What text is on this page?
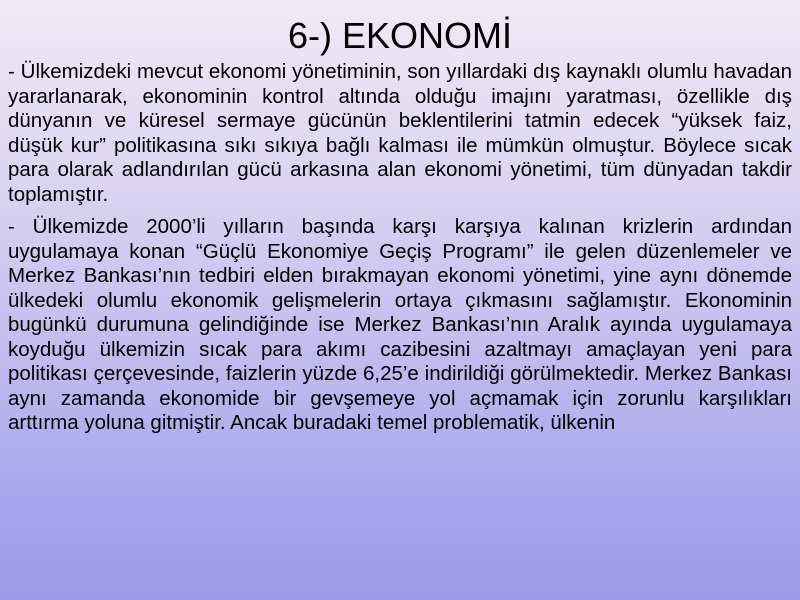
6-) EKONOMİ

- Ülkemizdeki mevcut ekonomi yönetiminin, son yıllardaki dış kaynaklı olumlu havadan yararlanarak, ekonominin kontrol altında olduğu imajını yaratması, özellikle dış dünyanın ve küresel sermaye gücünün beklentilerini tatmin edecek “yüksek faiz, düşük kur” politikasına sıkı sıkıya bağlı kalması ile mümkün olmuştur. Böylece sıcak para olarak adlandırılan gücü arkasına alan ekonomi yönetimi, tüm dünyadan takdir toplamıştır.

- Ülkemizde 2000’li yılların başında karşı karşıya kalınan krizlerin ardından uygulamaya konan “Güçlü Ekonomiye Geçiş Programı” ile gelen düzenlemeler ve Merkez Bankası’nın tedbiri elden bırakmayan ekonomi yönetimi, yine aynı dönemde ülkedeki olumlu ekonomik gelişmelerin ortaya çıkmasını sağlamıştır. Ekonominin bugünkü durumuna gelindiğinde ise Merkez Bankası’nın Aralık ayında uygulamaya koyduğu ülkemizin sıcak para akımı cazibesini azaltmayı amaçlayan yeni para politikası çerçevesinde, faizlerin yüzde 6,25’e indirildiği görülmektedir. Merkez Bankası aynı zamanda ekonomide bir gevşemeye yol açmamak için zorunlu karşılıkları arttırma yoluna gitmiştir. Ancak buradaki temel problematik, ülkenin
